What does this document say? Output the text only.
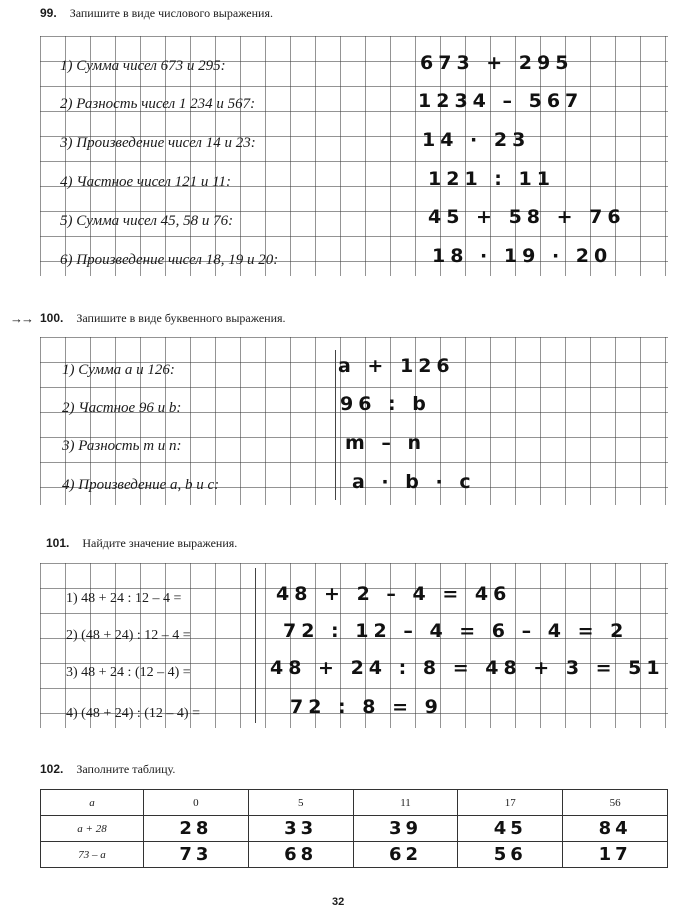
99. Запишите в виде числового выражения.
1) Сумма чисел 673 и 295:	673 + 295
2) Разность чисел 1 234 и 567:	1234 – 567
3) Произведение чисел 14 и 23:	14 · 23
4) Частное чисел 121 и 11:	121 : 11
5) Сумма чисел 45, 58 и 76:	45 + 58 + 76
6) Произведение чисел 18, 19 и 20:	18 · 19 · 20
→→ 100. Запишите в виде буквенного выражения.
1) Сумма a и 126:	a + 126
2) Частное 96 и b:	96 : b
3) Разность m и n:	m – n
4) Произведение a, b и c:	a · b · c
101. Найдите значение выражения.
1) 48 + 24 : 12 – 4 =	48 + 2 – 4 = 46
2) (48 + 24) : 12 – 4 =	72 : 12 – 4 = 6 – 4 = 2
3) 48 + 24 : (12 – 4) =	48 + 24 : 8 = 48 + 3 = 51
4) (48 + 24) : (12 – 4) =	72 : 8 = 9
102. Заполните таблицу.
a	0	5	11	17	56
a + 28	28	33	39	45	84
73 – a	73	68	62	56	17
32
